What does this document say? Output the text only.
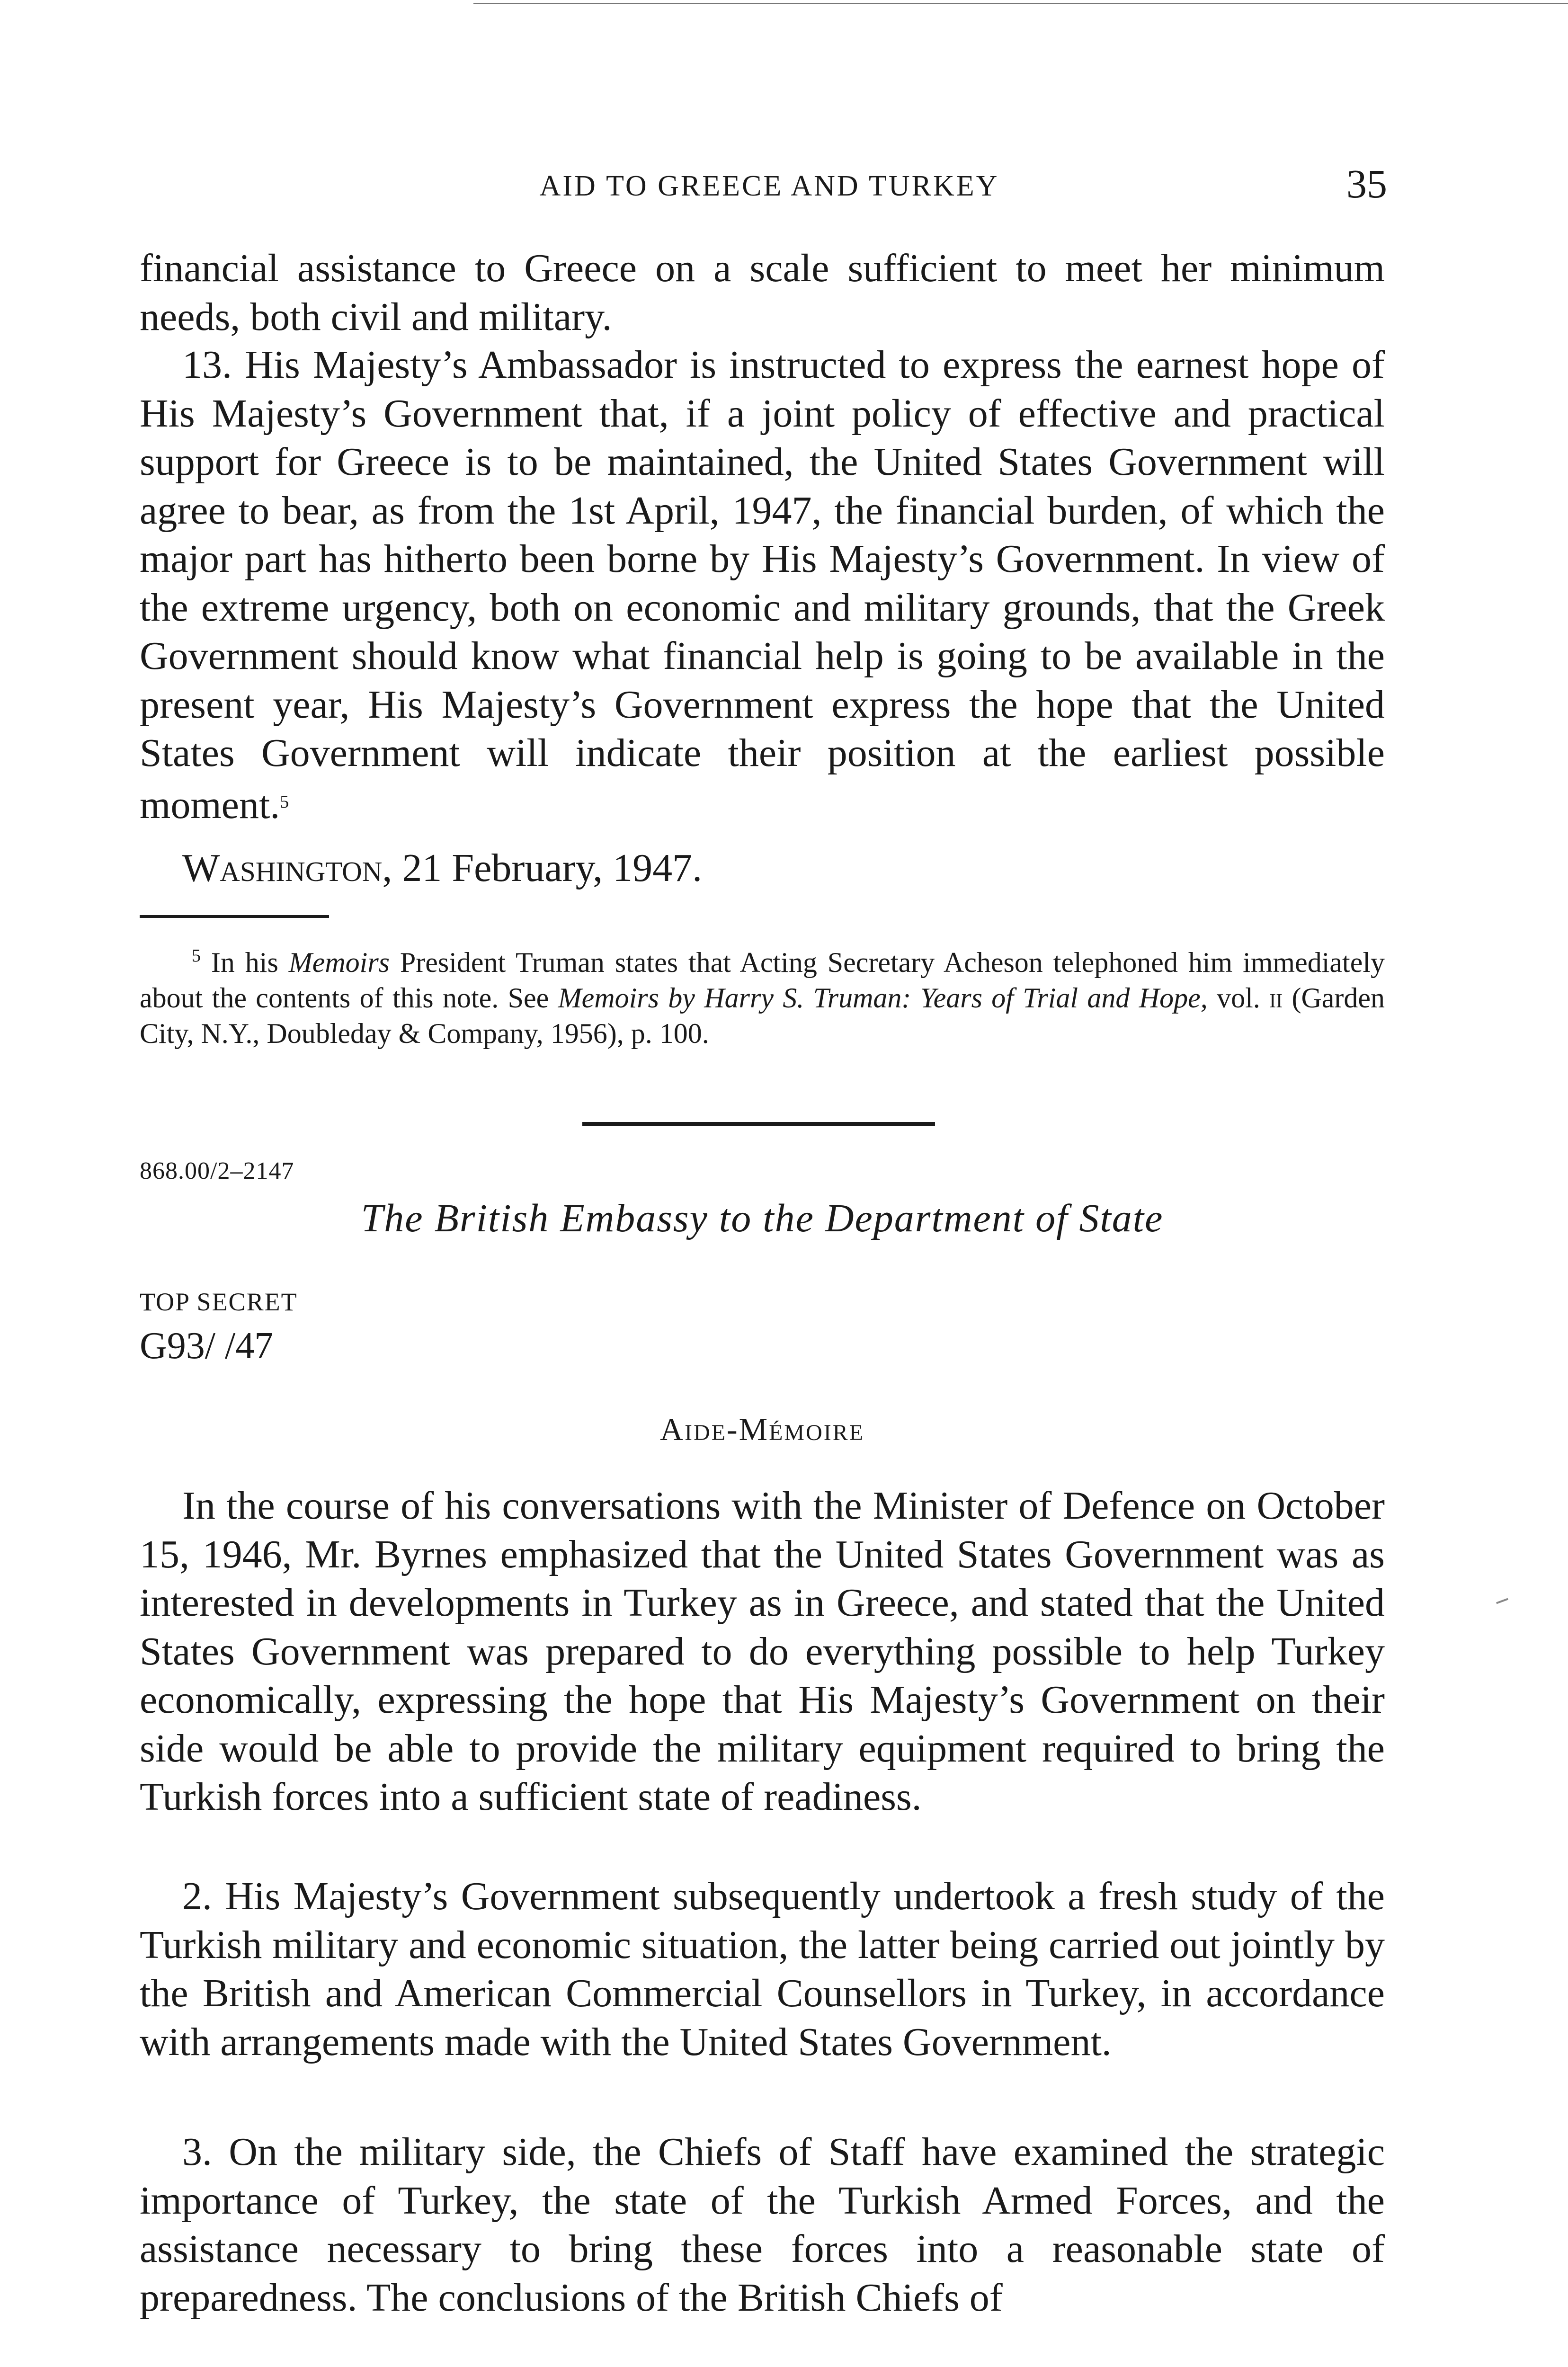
AID TO GREECE AND TURKEY	35

financial assistance to Greece on a scale sufficient to meet her minimum needs, both civil and military.

13. His Majesty’s Ambassador is instructed to express the earnest hope of His Majesty’s Government that, if a joint policy of effective and practical support for Greece is to be maintained, the United States Government will agree to bear, as from the 1st April, 1947, the financial burden, of which the major part has hitherto been borne by His Majesty’s Government. In view of the extreme urgency, both on economic and military grounds, that the Greek Government should know what financial help is going to be available in the present year, His Majesty’s Government express the hope that the United States Government will indicate their position at the earliest possible moment.$^5$

Washington, 21 February, 1947.

$^5$ In his Memoirs President Truman states that Acting Secretary Acheson telephoned him immediately about the contents of this note. See Memoirs by Harry S. Truman: Years of Trial and Hope, vol. ii (Garden City, N.Y., Doubleday & Company, 1956), p. 100.

868.00/2–2147
The British Embassy to the Department of State
TOP SECRET
G93/ /47
Aide-Mémoire

In the course of his conversations with the Minister of Defence on October 15, 1946, Mr. Byrnes emphasized that the United States Government was as interested in developments in Turkey as in Greece, and stated that the United States Government was prepared to do everything possible to help Turkey economically, expressing the hope that His Majesty’s Government on their side would be able to provide the military equipment required to bring the Turkish forces into a sufficient state of readiness.

2. His Majesty’s Government subsequently undertook a fresh study of the Turkish military and economic situation, the latter being carried out jointly by the British and American Commercial Counsellors in Turkey, in accordance with arrangements made with the United States Government.

3. On the military side, the Chiefs of Staff have examined the strategic importance of Turkey, the state of the Turkish Armed Forces, and the assistance necessary to bring these forces into a reasonable state of preparedness. The conclusions of the British Chiefs of
